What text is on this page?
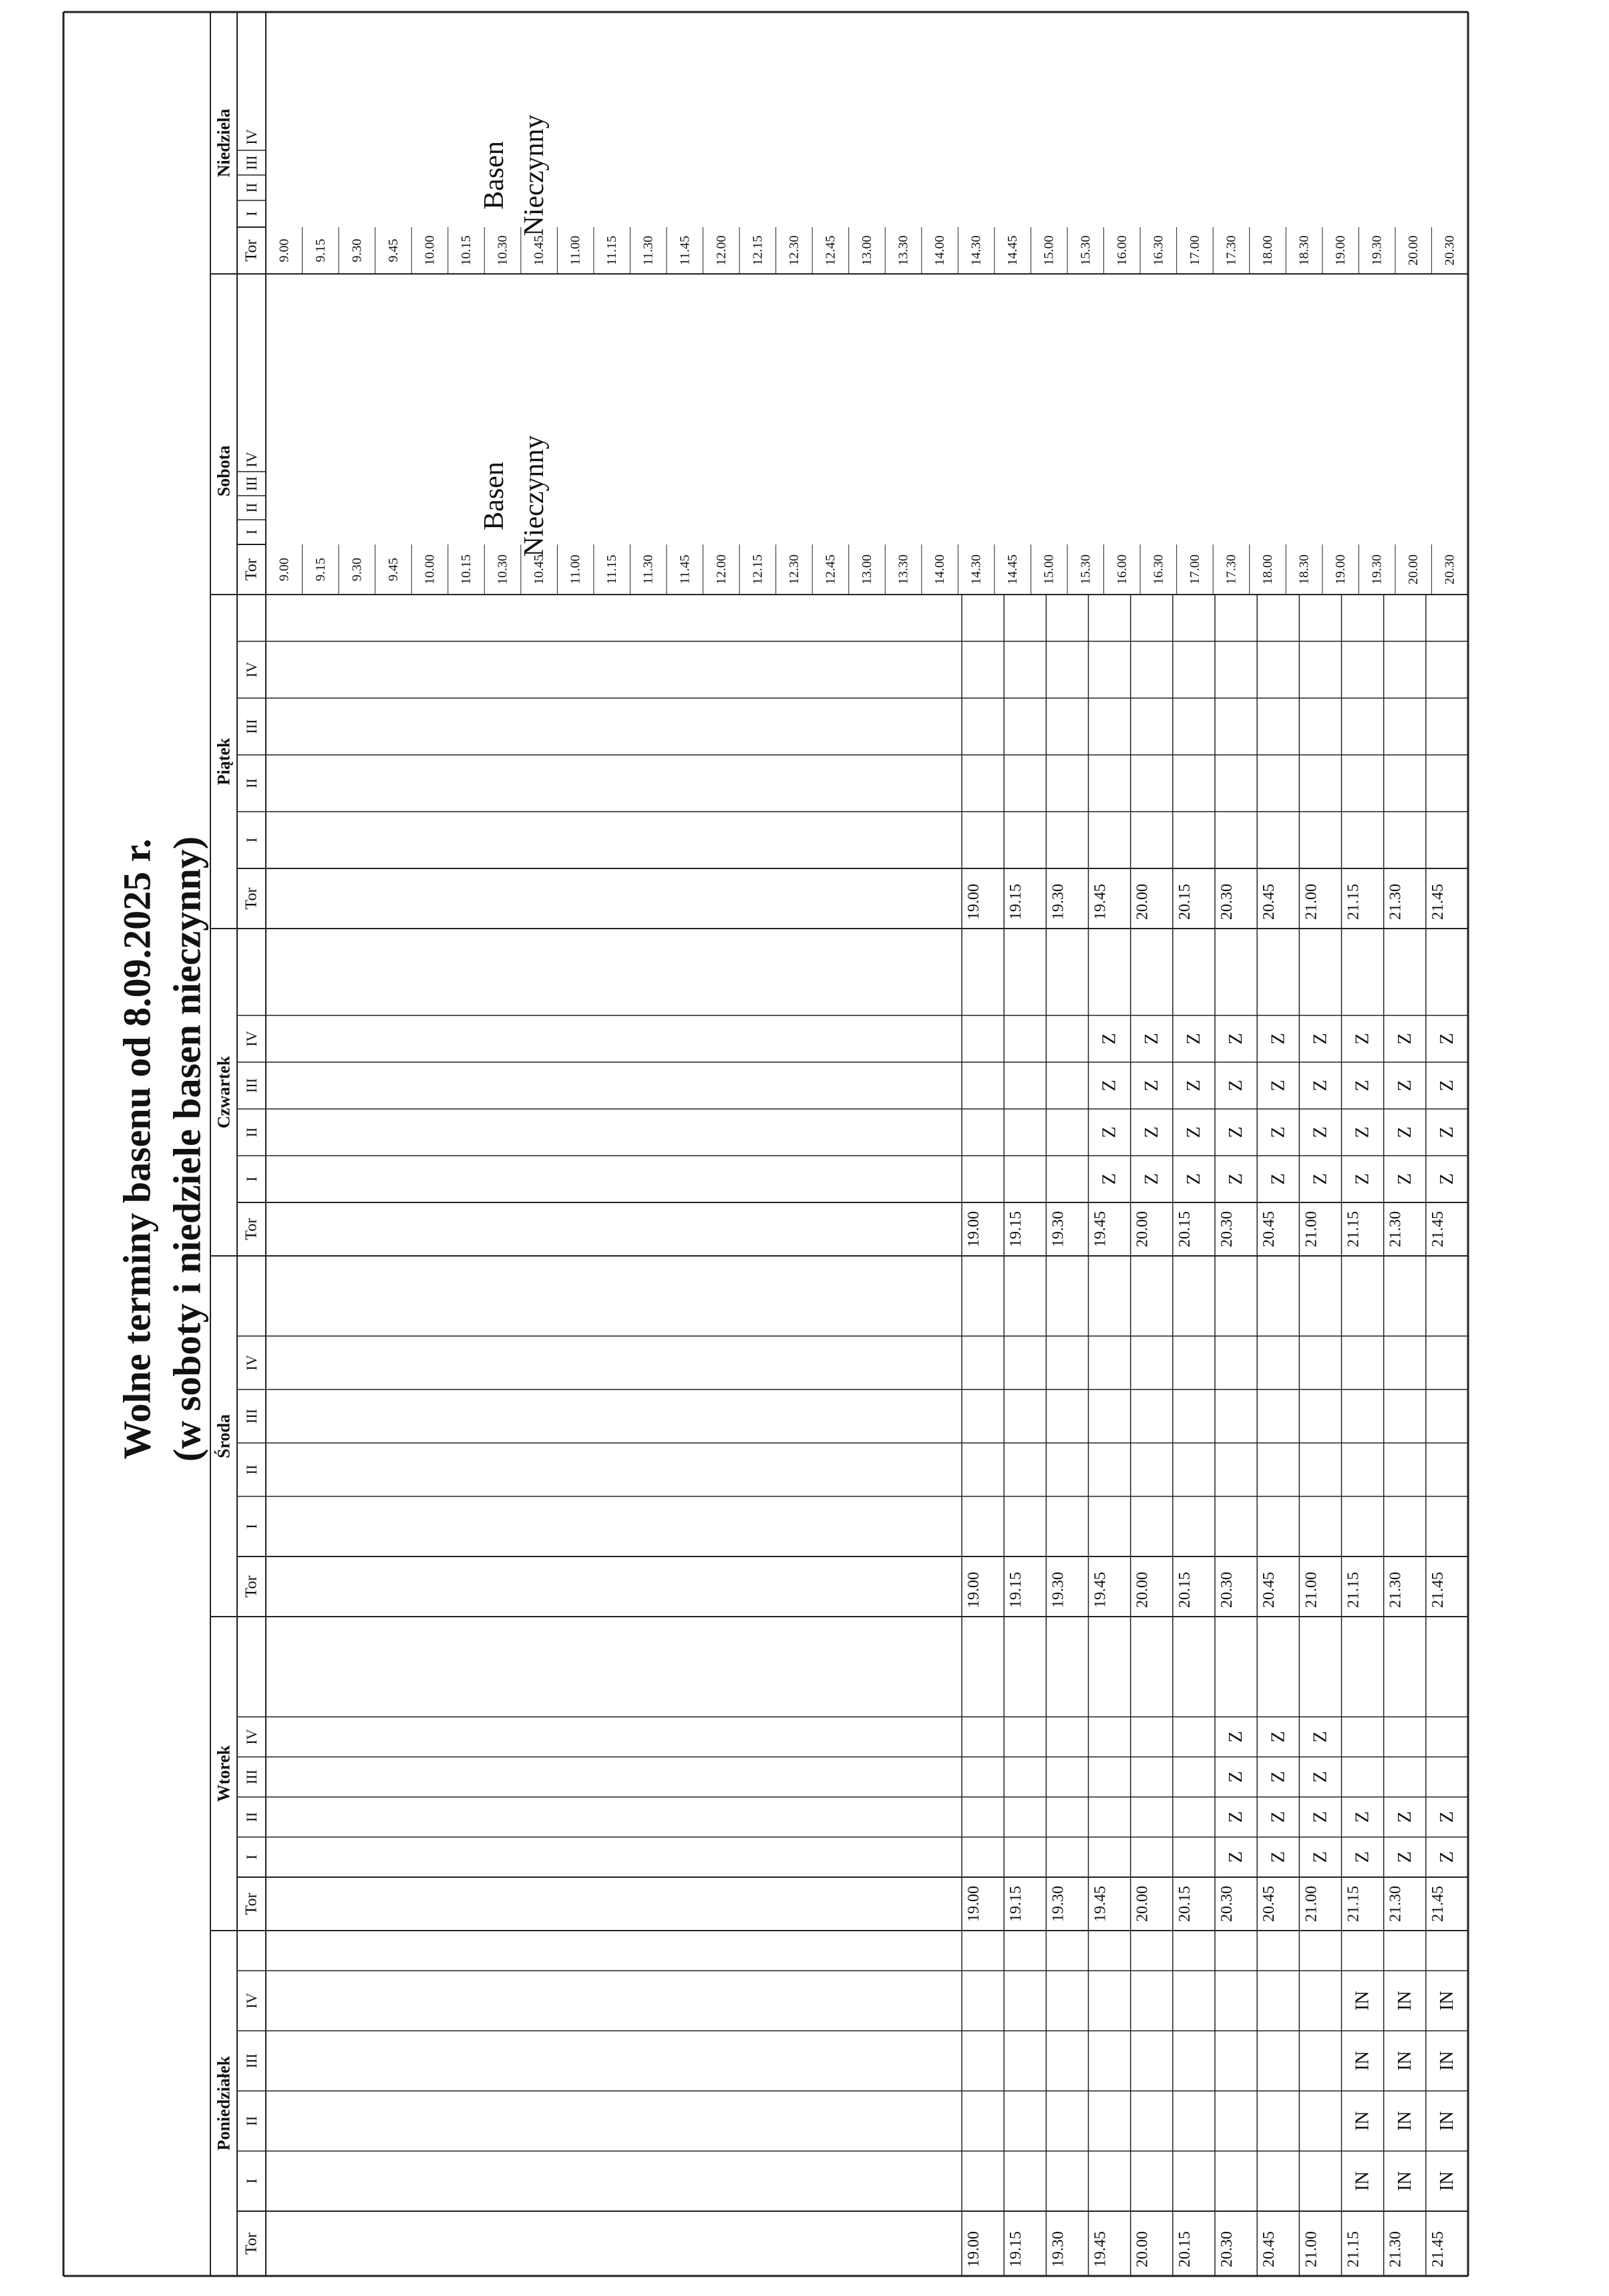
Wolne terminy basenu od 8.09.2025 r. (w soboty i niedziele basen nieczynny)
Poniedziałek
Tor
I
II
III
IV
19.00 19.15 19.30 19.45 20.00 20.15 20.30 20.45 21.00 21.15
IN
IN
IN
IN
21.30
IN
IN
IN
IN
21.45
IN
IN
IN
IN
Wtorek
Tor
I
II
III
IV
19.00 19.15 19.30 19.45 20.00 20.15 20.30
Z
Z
Z
Z
20.45
Z
Z
Z
Z
21.00
Z
Z
Z
Z
21.15
Z
Z
21.30
Z
Z
21.45
Z
Z
Środa
Tor
I
II
III
IV
19.00 19.15 19.30 19.45 20.00 20.15 20.30 20.45 21.00 21.15 21.30 21.45
Czwartek
Tor
I
II
III
IV
19.00 19.15 19.30 19.45
Z
Z
Z
Z
20.00
Z
Z
Z
Z
20.15
Z
Z
Z
Z
20.30
Z
Z
Z
Z
20.45
Z
Z
Z
Z
21.00
Z
Z
Z
Z
21.15
Z
Z
Z
Z
21.30
Z
Z
Z
Z
21.45
Z
Z
Z
Z
Piątek
Tor
I
II
III
IV
19.00 19.15 19.30 19.45 20.00 20.15 20.30 20.45 21.00 21.15 21.30 21.45
Sobota
Tor
I
II
III
IV
9.00 9.15 9.30 9.45 10.00 10.15 10.30 10.45 11.00 11.15 11.30 11.45 12.00 12.15 12.30 12.45 13.00 13.30 14.00 14.30 14.45 15.00 15.30 16.00 16.30 17.00 17.30 18.00 18.30 19.00 19.30 20.00 20.30
Basen Nieczynny
Niedziela
Tor
I
II
III
IV
9.00 9.15 9.30 9.45 10.00 10.15 10.30 10.45 11.00 11.15 11.30 11.45 12.00 12.15 12.30 12.45 13.00 13.30 14.00 14.30 14.45 15.00 15.30 16.00 16.30 17.00 17.30 18.00 18.30 19.00 19.30 20.00 20.30
Basen Nieczynny
